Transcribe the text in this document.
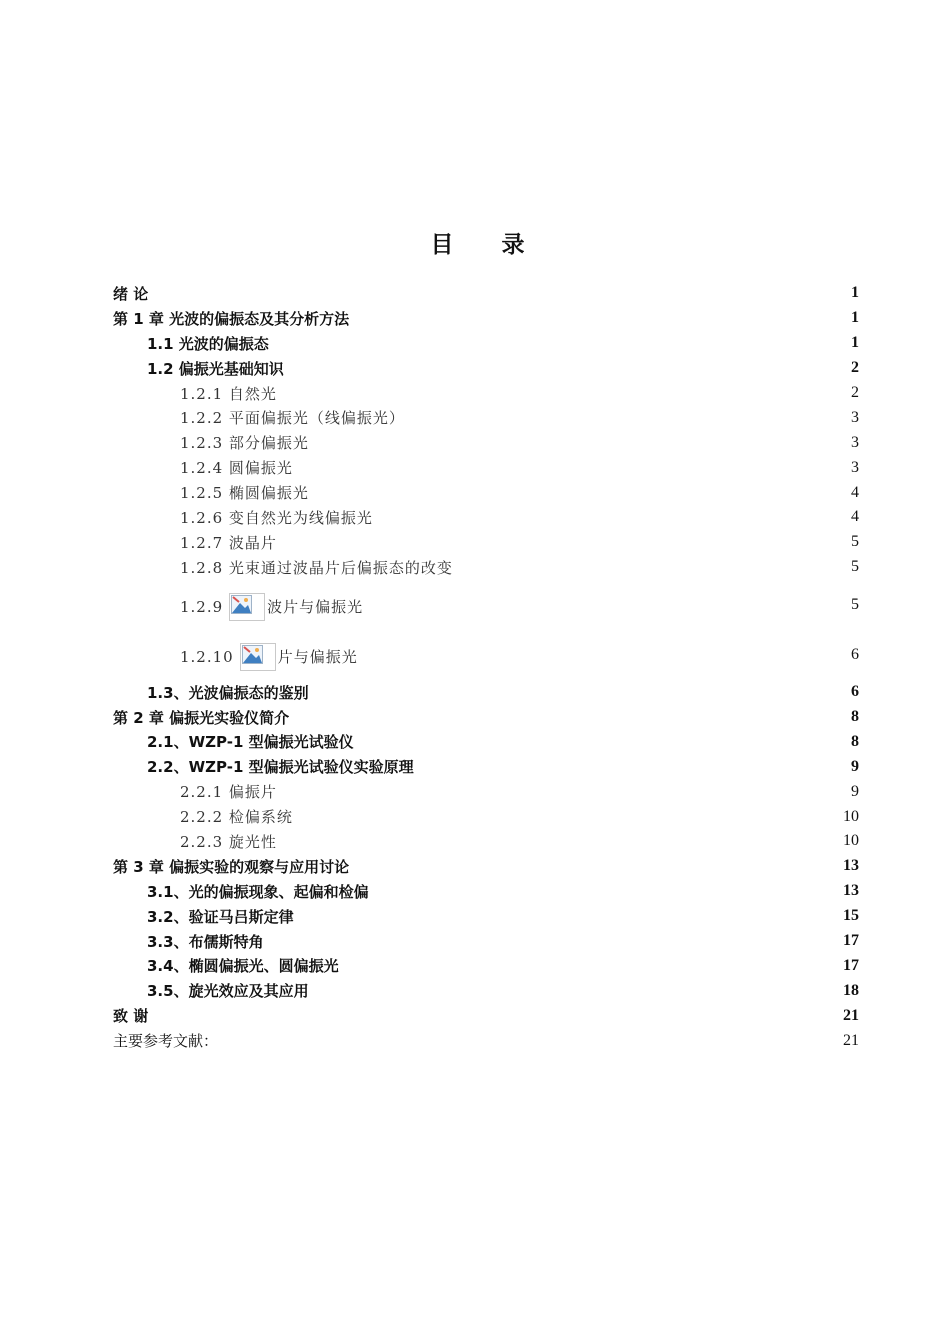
目 录
绪 论	1
第 1 章 光波的偏振态及其分析方法	1
1.1 光波的偏振态	1
1.2 偏振光基础知识	2
1.2.1 自然光	2
1.2.2 平面偏振光（线偏振光）	3
1.2.3 部分偏振光	3
1.2.4 圆偏振光	3
1.2.5 椭圆偏振光	4
1.2.6 变自然光为线偏振光	4
1.2.7 波晶片	5
1.2.8 光束通过波晶片后偏振态的改变	5
1.2.9	波片与偏振光	5
1.2.10	片与偏振光	6
1.3、光波偏振态的鉴别	6
第 2 章 偏振光实验仪简介	8
2.1、WZP-1 型偏振光试验仪	8
2.2、WZP-1 型偏振光试验仪实验原理	9
2.2.1 偏振片	9
2.2.2 检偏系统	10
2.2.3 旋光性	10
第 3 章 偏振实验的观察与应用讨论	13
3.1、光的偏振现象、起偏和检偏	13
3.2、验证马吕斯定律	15
3.3、布儒斯特角	17
3.4、椭圆偏振光、圆偏振光	17
3.5、旋光效应及其应用	18
致 谢	21
主要参考文献：	21
